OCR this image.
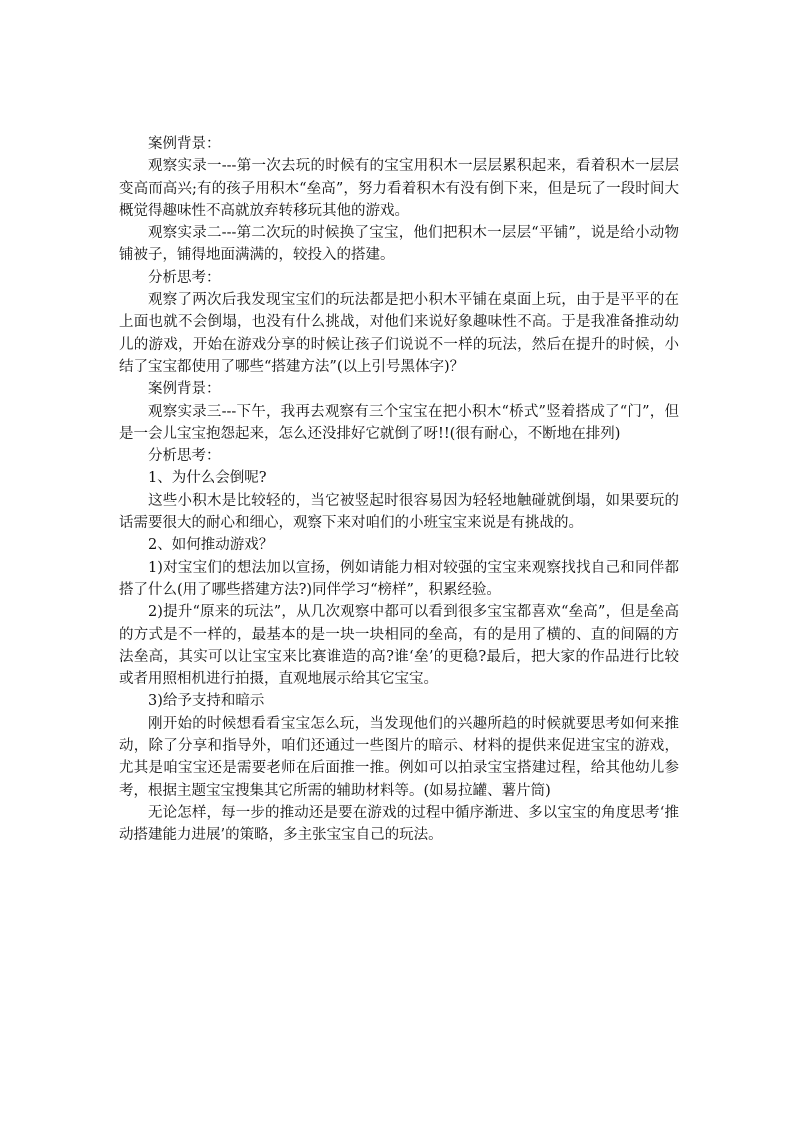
案例背景：

观察实录一---第一次去玩的时候有的宝宝用积木一层层累积起来，看着积木一层层变高而高兴;有的孩子用积木“垒高”，努力看着积木有没有倒下来，但是玩了一段时间大概觉得趣味性不高就放弃转移玩其他的游戏。

观察实录二---第二次玩的时候换了宝宝，他们把积木一层层“平铺”，说是给小动物铺被子，铺得地面满满的，较投入的搭建。

分析思考：

观察了两次后我发现宝宝们的玩法都是把小积木平铺在桌面上玩，由于是平平的在上面也就不会倒塌，也没有什么挑战，对他们来说好象趣味性不高。于是我准备推动幼儿的游戏，开始在游戏分享的时候让孩子们说说不一样的玩法，然后在提升的时候，小结了宝宝都使用了哪些“搭建方法”(以上引号黑体字)？

案例背景：

观察实录三---下午，我再去观察有三个宝宝在把小积木“桥式”竖着搭成了“门”，但是一会儿宝宝抱怨起来，怎么还没排好它就倒了呀!!(很有耐心，不断地在排列)

分析思考：

1、为什么会倒呢?

这些小积木是比较轻的，当它被竖起时很容易因为轻轻地触碰就倒塌，如果要玩的话需要很大的耐心和细心，观察下来对咱们的小班宝宝来说是有挑战的。

2、如何推动游戏？

1)对宝宝们的想法加以宣扬，例如请能力相对较强的宝宝来观察找找自己和同伴都搭了什么(用了哪些搭建方法?)同伴学习“榜样”，积累经验。

2)提升“原来的玩法”，从几次观察中都可以看到很多宝宝都喜欢“垒高”，但是垒高的方式是不一样的，最基本的是一块一块相同的垒高，有的是用了横的、直的间隔的方法垒高，其实可以让宝宝来比赛谁造的高?谁‘垒’的更稳?最后，把大家的作品进行比较或者用照相机进行拍摄，直观地展示给其它宝宝。

3)给予支持和暗示

刚开始的时候想看看宝宝怎么玩，当发现他们的兴趣所趋的时候就要思考如何来推动，除了分享和指导外，咱们还通过一些图片的暗示、材料的提供来促进宝宝的游戏，尤其是咱宝宝还是需要老师在后面推一推。例如可以拍录宝宝搭建过程，给其他幼儿参考，根据主题宝宝搜集其它所需的辅助材料等。(如易拉罐、薯片筒)

无论怎样，每一步的推动还是要在游戏的过程中循序渐进、多以宝宝的角度思考‘推动搭建能力进展’的策略，多主张宝宝自己的玩法。
